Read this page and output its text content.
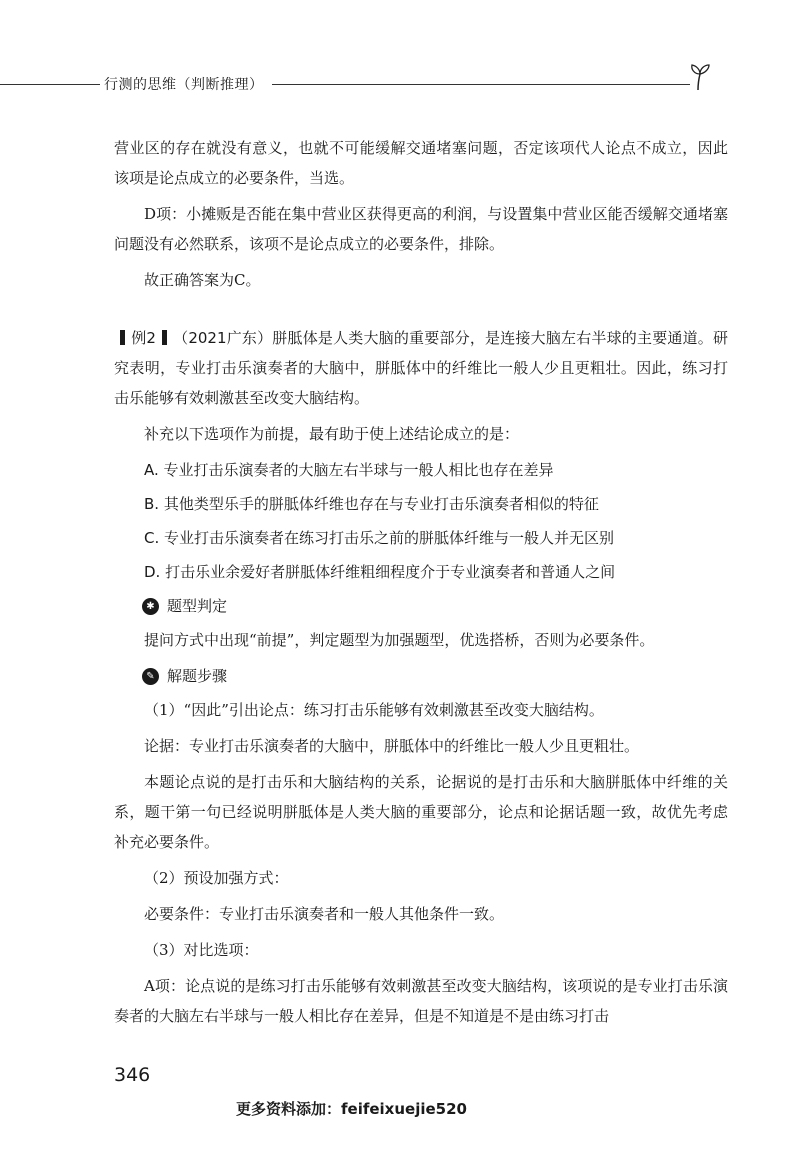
行测的思维（判断推理）

营业区的存在就没有意义，也就不可能缓解交通堵塞问题，否定该项代人论点不成立，因此该项是论点成立的必要条件，当选。

D项：小摊贩是否能在集中营业区获得更高的利润，与设置集中营业区能否缓解交通堵塞问题没有必然联系，该项不是论点成立的必要条件，排除。

故正确答案为C。

例2 （2021广东）胼胝体是人类大脑的重要部分，是连接大脑左右半球的主要通道。研究表明，专业打击乐演奏者的大脑中，胼胝体中的纤维比一般人少且更粗壮。因此，练习打击乐能够有效刺激甚至改变大脑结构。

补充以下选项作为前提，最有助于使上述结论成立的是：

A. 专业打击乐演奏者的大脑左右半球与一般人相比也存在差异

B. 其他类型乐手的胼胝体纤维也存在与专业打击乐演奏者相似的特征

C. 专业打击乐演奏者在练习打击乐之前的胼胝体纤维与一般人并无区别

D. 打击乐业余爱好者胼胝体纤维粗细程度介于专业演奏者和普通人之间

✱ 题型判定

提问方式中出现“前提”，判定题型为加强题型，优选搭桥，否则为必要条件。

✎ 解题步骤

（1）“因此”引出论点：练习打击乐能够有效刺激甚至改变大脑结构。

论据：专业打击乐演奏者的大脑中，胼胝体中的纤维比一般人少且更粗壮。

本题论点说的是打击乐和大脑结构的关系，论据说的是打击乐和大脑胼胝体中纤维的关系，题干第一句已经说明胼胝体是人类大脑的重要部分，论点和论据话题一致，故优先考虑补充必要条件。

（2）预设加强方式：

必要条件：专业打击乐演奏者和一般人其他条件一致。

（3）对比选项：

A项：论点说的是练习打击乐能够有效刺激甚至改变大脑结构，该项说的是专业打击乐演奏者的大脑左右半球与一般人相比存在差异，但是不知道是不是由练习打击

346
更多资料添加：feifeixuejie520
